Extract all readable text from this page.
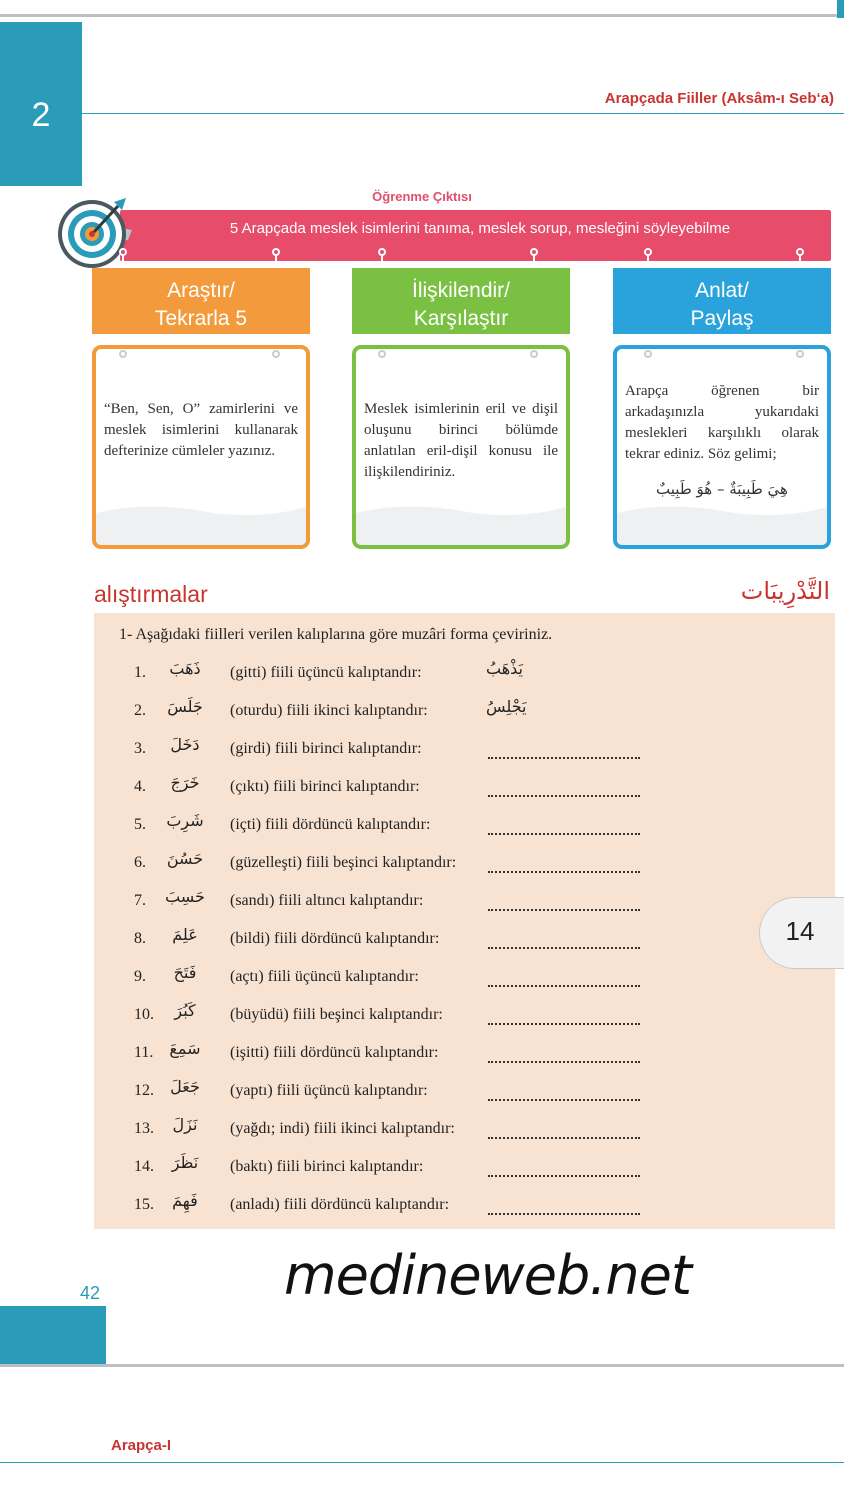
2	Arapçada Fiiller (Aksâm-ı Seb‘a)
Öğrenme Çıktısı
5 Arapçada meslek isimlerini tanıma, meslek sorup, mesleğini söyleyebilme
Araştır/
Tekrarla 5
“Ben, Sen, O” zamirlerini ve meslek isimlerini kullanarak defterinize cümleler yazınız.
İlişkilendir/
Karşılaştır
Meslek isimlerinin eril ve dişil oluşunu birinci bölümde anlatılan eril-dişil konusu ile ilişkilendiriniz.
Anlat/
Paylaş
Arapça öğrenen bir arkadaşınızla yukarıdaki meslekleri karşılıklı olarak tekrar ediniz. Söz gelimi;
هِيَ طَبِيبَةٌ – هُوَ طَبِيبٌ
alıştırmalar	التَّدْرِيبَات
1- Aşağıdaki fiilleri verilen kalıplarına göre muzâri forma çeviriniz.
1.	ذَهَبَ	(gitti) fiili üçüncü kalıptandır:	يَذْهَبُ
2.	جَلَسَ	(oturdu) fiili ikinci kalıptandır:	يَجْلِسُ
3.	دَخَلَ	(girdi) fiili birinci kalıptandır:
4.	خَرَجَ	(çıktı) fiili birinci kalıptandır:
5.	شَرِبَ	(içti) fiili dördüncü kalıptandır:
6.	حَسُنَ	(güzelleşti) fiili beşinci kalıptandır:
7.	حَسِبَ	(sandı) fiili altıncı kalıptandır:
8.	عَلِمَ	(bildi) fiili dördüncü kalıptandır:
9.	فَتَحَ	(açtı) fiili üçüncü kalıptandır:
10.	كَبُرَ	(büyüdü) fiili beşinci kalıptandır:
11.	سَمِعَ	(işitti) fiili dördüncü kalıptandır:
12.	جَعَلَ	(yaptı) fiili üçüncü kalıptandır:
13.	نَزَلَ	(yağdı; indi) fiili ikinci kalıptandır:
14.	نَظَرَ	(baktı) fiili birinci kalıptandır:
15.	فَهِمَ	(anladı) fiili dördüncü kalıptandır:
14
42	medineweb.net
Arapça-I
